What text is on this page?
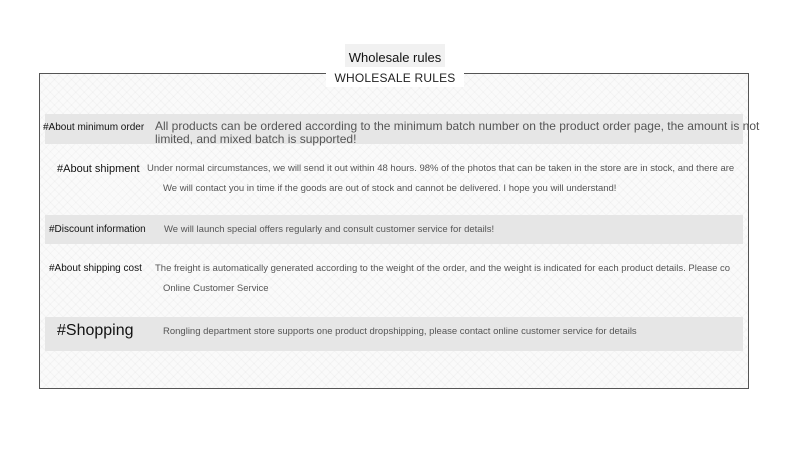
Wholesale rules
WHOLESALE RULES
#About minimum order All products can be ordered according to the minimum batch number on the product order page, the amount is not limited, and mixed batch is supported!
#About shipment Under normal circumstances, we will send it out within 48 hours. 98% of the photos that can be taken in the store are in stock, and there are
We will contact you in time if the goods are out of stock and cannot be delivered. I hope you will understand!
#Discount information We will launch special offers regularly and consult customer service for details!
#About shipping cost The freight is automatically generated according to the weight of the order, and the weight is indicated for each product details. Please co
Online Customer Service
#Shopping	Rongling department store supports one product dropshipping, please contact online customer service for details
